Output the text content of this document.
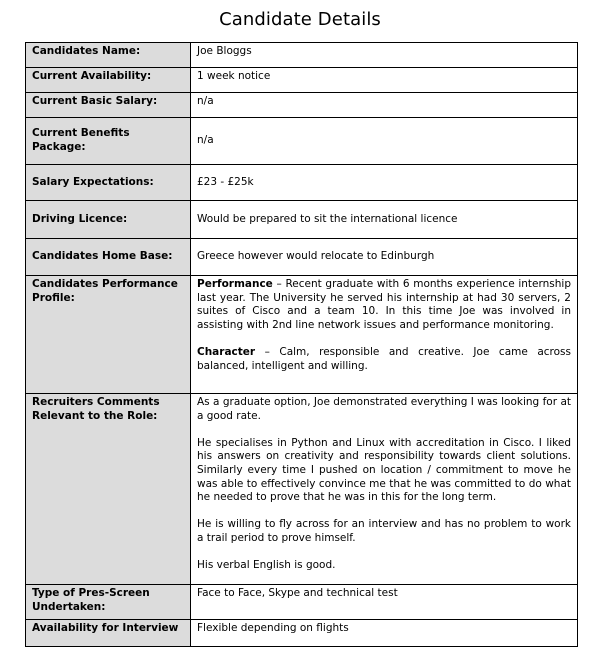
Candidate Details
Candidates Name:	Joe Bloggs
Current Availability:	1 week notice
Current Basic Salary:	n/a
Current Benefits Package:	n/a
Salary Expectations:	£23 - £25k
Driving Licence:	Would be prepared to sit the international licence
Candidates Home Base:	Greece however would relocate to Edinburgh
Candidates Performance Profile:	Performance – Recent graduate with 6 months experience internship last year. The University he served his internship at had 30 servers, 2 suites of Cisco and a team 10. In this time Joe was involved in assisting with 2nd line network issues and performance monitoring.

Character – Calm, responsible and creative. Joe came across balanced, intelligent and willing.

Recruiters Comments Relevant to the Role:	As a graduate option, Joe demonstrated everything I was looking for at a good rate.

He specialises in Python and Linux with accreditation in Cisco. I liked his answers on creativity and responsibility towards client solutions. Similarly every time I pushed on location / commitment to move he was able to effectively convince me that he was committed to do what he needed to prove that he was in this for the long term.

He is willing to fly across for an interview and has no problem to work a trail period to prove himself.

His verbal English is good.

Type of Pres-Screen Undertaken:	Face to Face, Skype and technical test
Availability for Interview	Flexible depending on flights
